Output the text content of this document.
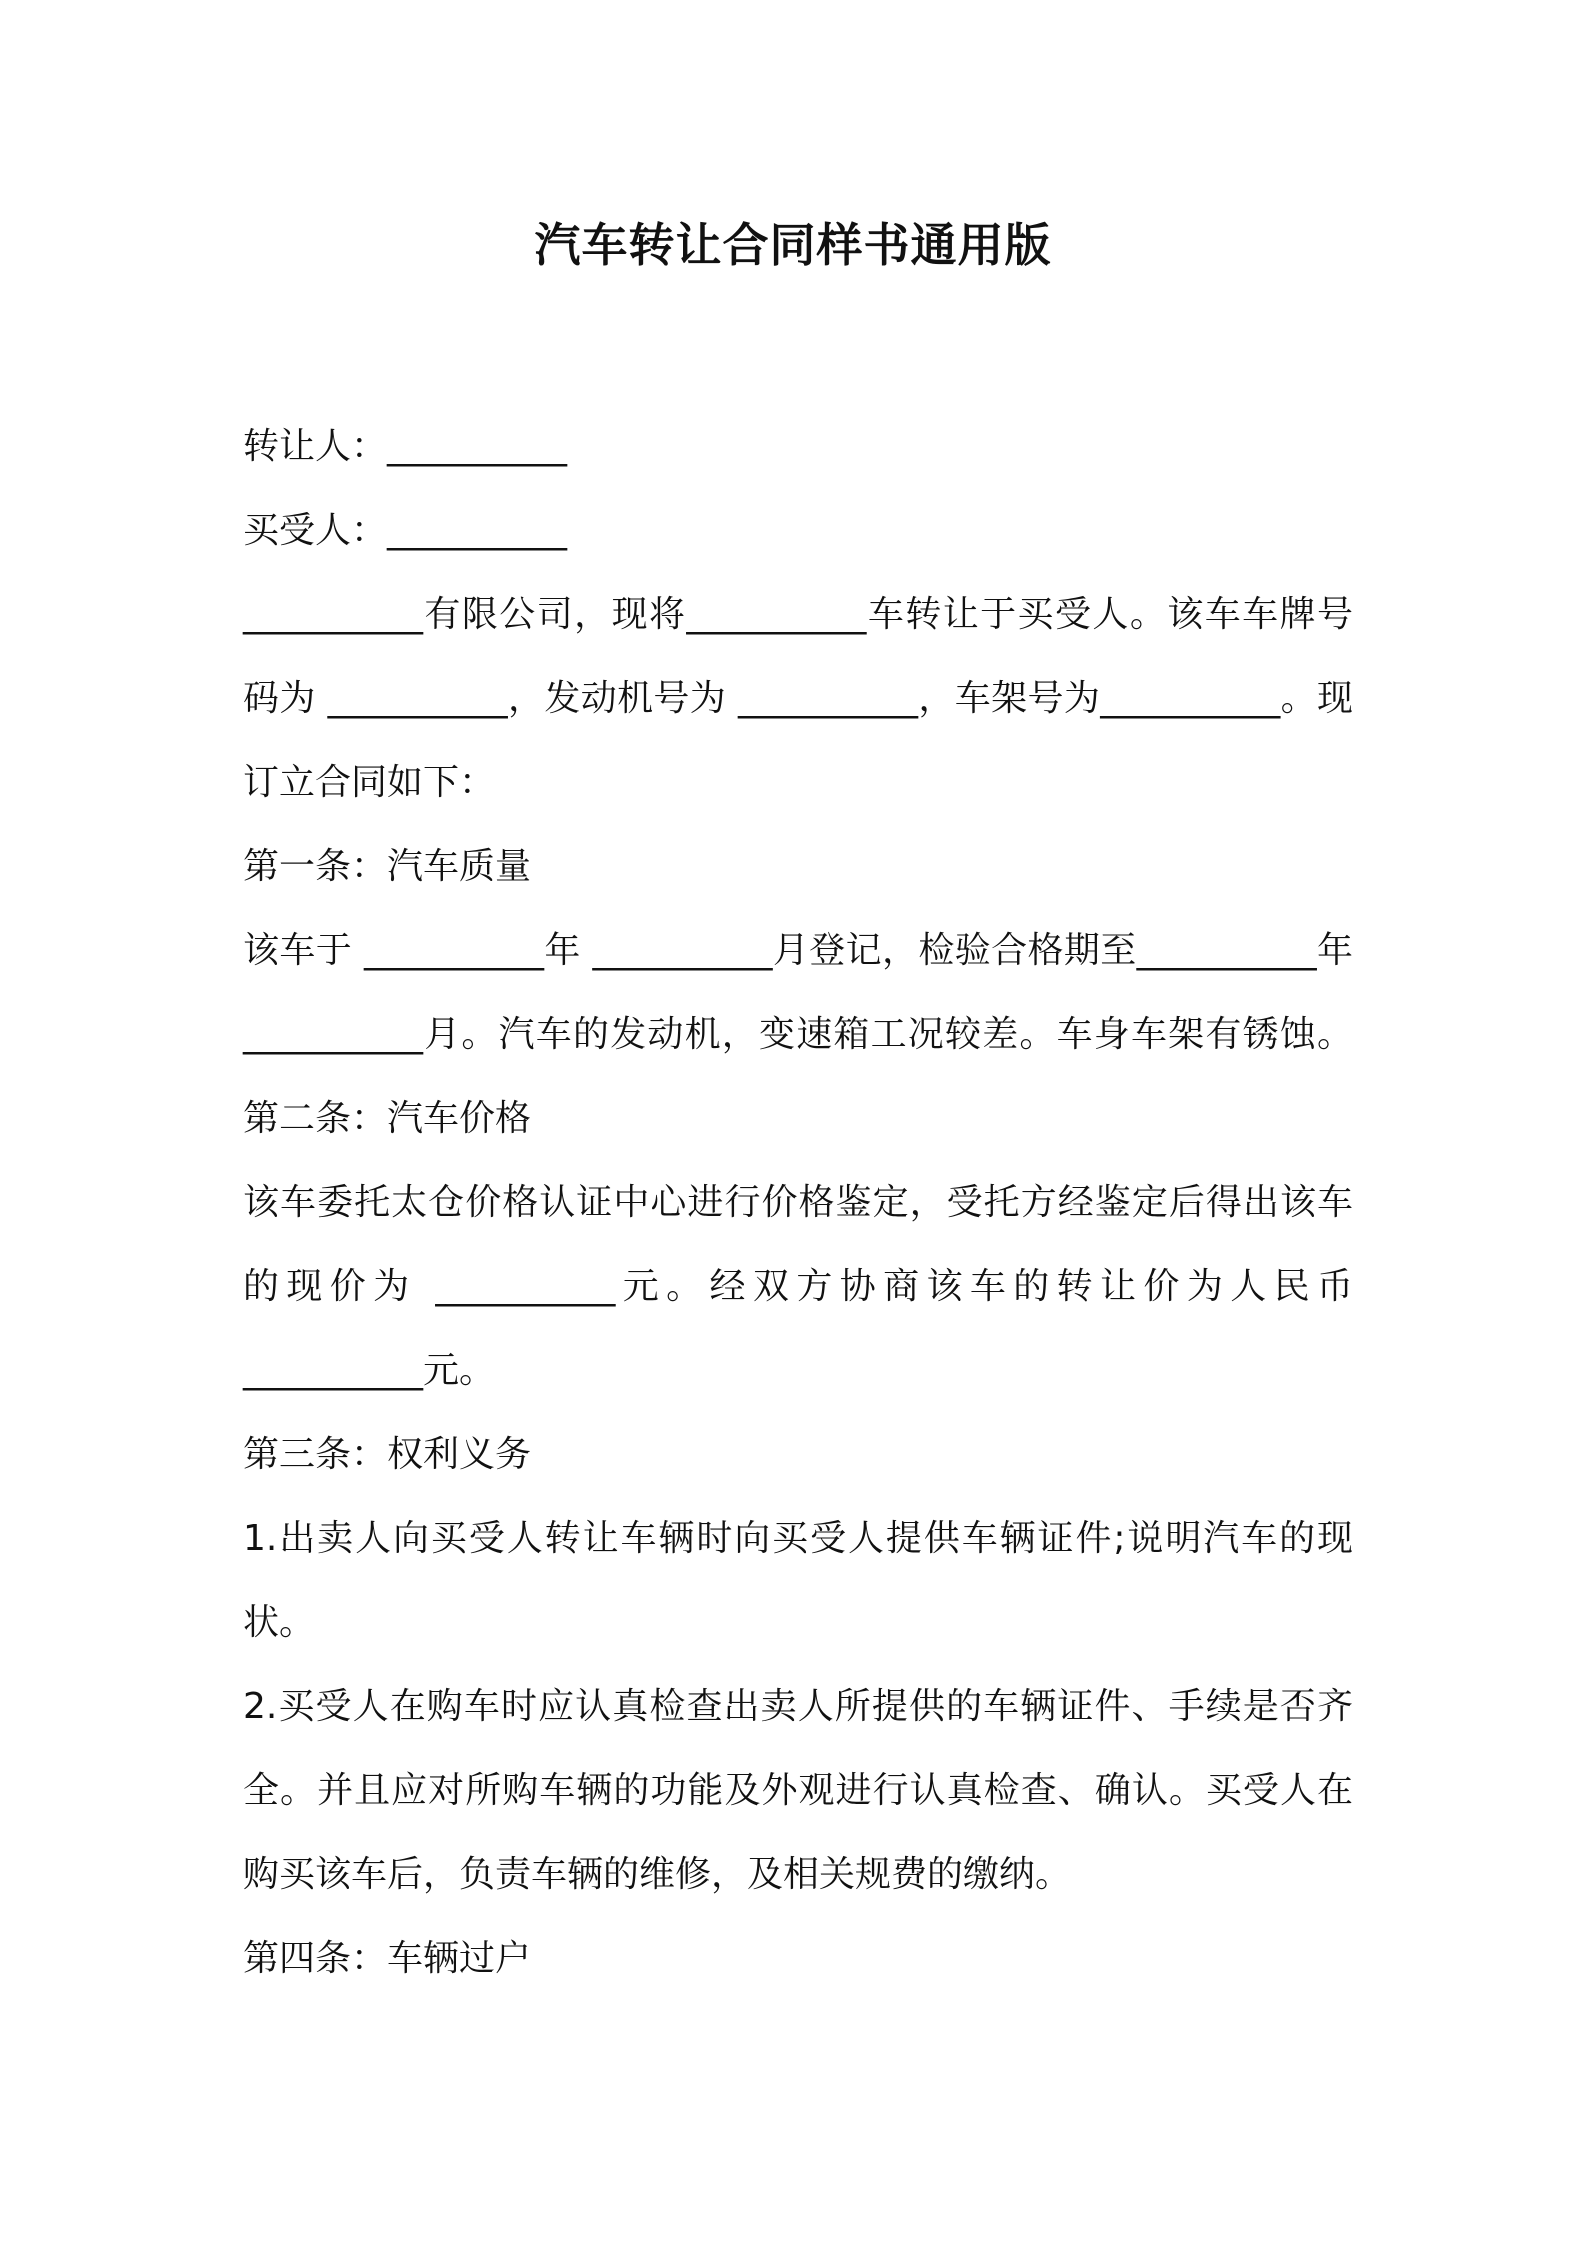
汽车转让合同样书通用版

转让人：__________

买受人：__________

__________有限公司，现将__________车转让于买受人。该车车牌号码为 __________，发动机号为 __________，车架号为__________。现订立合同如下：

第一条：汽车质量

该车于 __________年 __________月登记，检验合格期至__________年__________月。汽车的发动机，变速箱工况较差。车身车架有锈蚀。第二条：汽车价格

该车委托太仓价格认证中心进行价格鉴定，受托方经鉴定后得出该车的现价为 __________元。经双方协商该车的转让价为人民币__________元。

第三条：权利义务

1.出卖人向买受人转让车辆时向买受人提供车辆证件;说明汽车的现状。

2.买受人在购车时应认真检查出卖人所提供的车辆证件、手续是否齐全。并且应对所购车辆的功能及外观进行认真检查、确认。买受人在购买该车后，负责车辆的维修，及相关规费的缴纳。

第四条：车辆过户
